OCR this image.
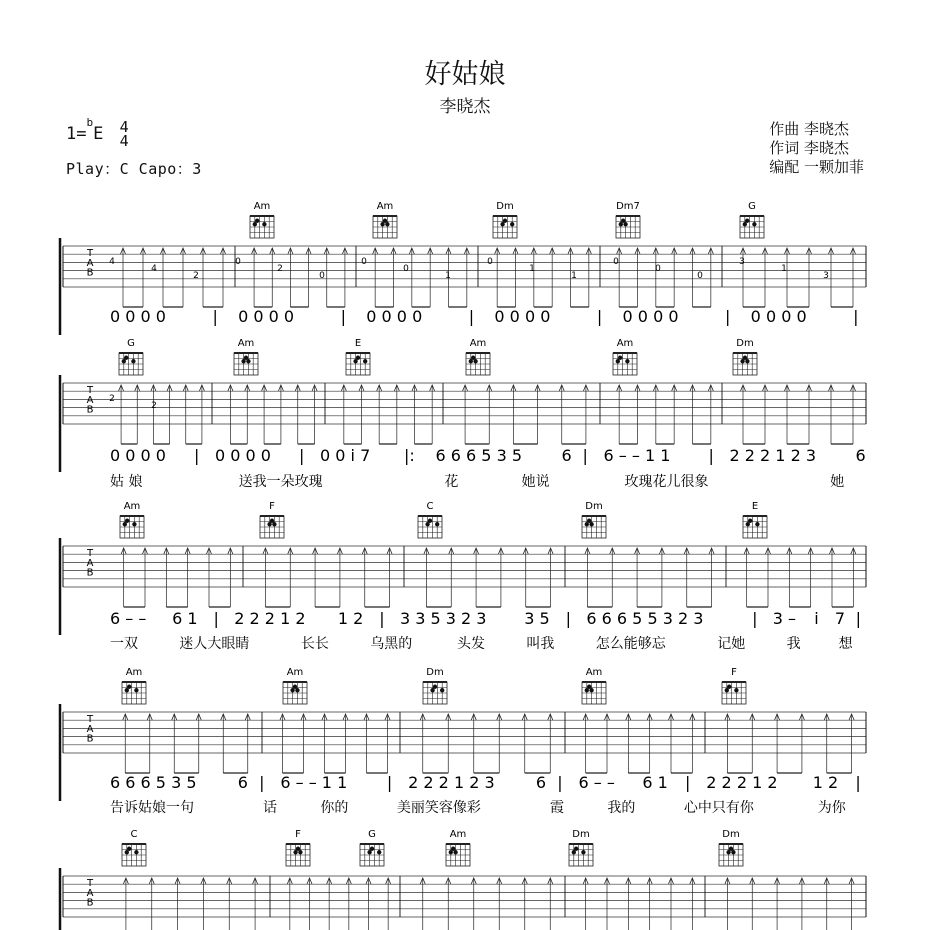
好姑娘
李晓杰
1=$^b$E 4
4
Play：C Capo：3
作曲 李晓杰
作词 李晓杰
编配 一颗加菲
T
A
B
4
4
2
0
2
0
0
0
1
0
1
1
0
0
0
3
1
3
0 0 0 0	| 0 0 0 0	| 0 0 0 0	| 0 0 0 0	| 0 0 0 0	| 0 0 0 0	|
Am	Am	Dm	Dm7	G
T
A
B
2
2
0 0 0 0 | 0 0 0 0 | 0 0 i 7 |: 6 6 6 5 3 5 6 | 6 – – 1 1 | 2 2 2 1 2 3 6
姑 娘	送我一朵玫瑰	花	她说	玫瑰花儿很象	她
G	Am	E	Am	Am	Dm
T
A
B
6 – – 6 1 | 2 2 2 1 2 1 2 | 3 3 5 3 2 3 3 5 | 6 6 6 5 5 3 2 3	| 3 – i 7 |
一双	迷人大眼睛	长长	乌黑的	头发	叫我	怎么能够忘	记她	我	想
Am	F	C	Dm	E
T
A
B
6 6 6 5 3 5	6 | 6 – – 1 1 | 2 2 2 1 2 3	6 | 6 – – 6 1 | 2 2 2 1 2 1 2 |
告诉姑娘一句	话	你的	美丽笑容像彩	霞	我的	心中只有你	为你
Am	Am	Dm	Am	F
T
A
B
C	F	G	Am	Dm	Dm
